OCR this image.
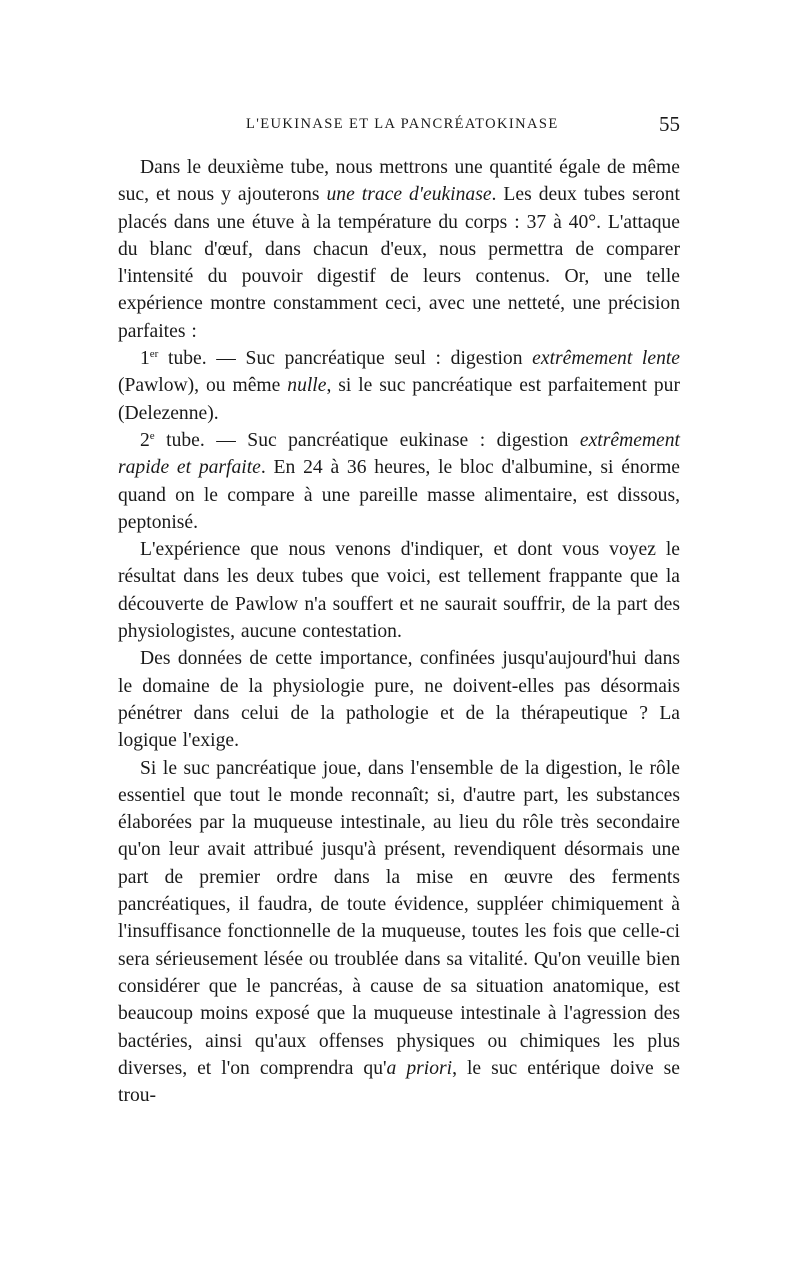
L'EUKINASE ET LA PANCRÉATOKINASE	55

Dans le deuxième tube, nous mettrons une quantité égale de même suc, et nous y ajouterons une trace d'eukinase. Les deux tubes seront placés dans une étuve à la température du corps : 37 à 40°. L'attaque du blanc d'œuf, dans chacun d'eux, nous permettra de comparer l'intensité du pouvoir digestif de leurs contenus. Or, une telle expérience montre constamment ceci, avec une netteté, une précision parfaites :

1er tube. — Suc pancréatique seul : digestion extrêmement lente (Pawlow), ou même nulle, si le suc pancréatique est parfaitement pur (Delezenne).

2e tube. — Suc pancréatique eukinase : digestion extrêmement rapide et parfaite. En 24 à 36 heures, le bloc d'albumine, si énorme quand on le compare à une pareille masse alimentaire, est dissous, peptonisé.

L'expérience que nous venons d'indiquer, et dont vous voyez le résultat dans les deux tubes que voici, est tellement frappante que la découverte de Pawlow n'a souffert et ne saurait souffrir, de la part des physiologistes, aucune contestation.

Des données de cette importance, confinées jusqu'aujourd'hui dans le domaine de la physiologie pure, ne doivent-elles pas désormais pénétrer dans celui de la pathologie et de la thérapeutique ? La logique l'exige.

Si le suc pancréatique joue, dans l'ensemble de la digestion, le rôle essentiel que tout le monde reconnaît; si, d'autre part, les substances élaborées par la muqueuse intestinale, au lieu du rôle très secondaire qu'on leur avait attribué jusqu'à présent, revendiquent désormais une part de premier ordre dans la mise en œuvre des ferments pancréatiques, il faudra, de toute évidence, suppléer chimiquement à l'insuffisance fonctionnelle de la muqueuse, toutes les fois que celle-ci sera sérieusement lésée ou troublée dans sa vitalité. Qu'on veuille bien considérer que le pancréas, à cause de sa situation anatomique, est beaucoup moins exposé que la muqueuse intestinale à l'agression des bactéries, ainsi qu'aux offenses physiques ou chimiques les plus diverses, et l'on comprendra qu'a priori, le suc entérique doive se trou-
